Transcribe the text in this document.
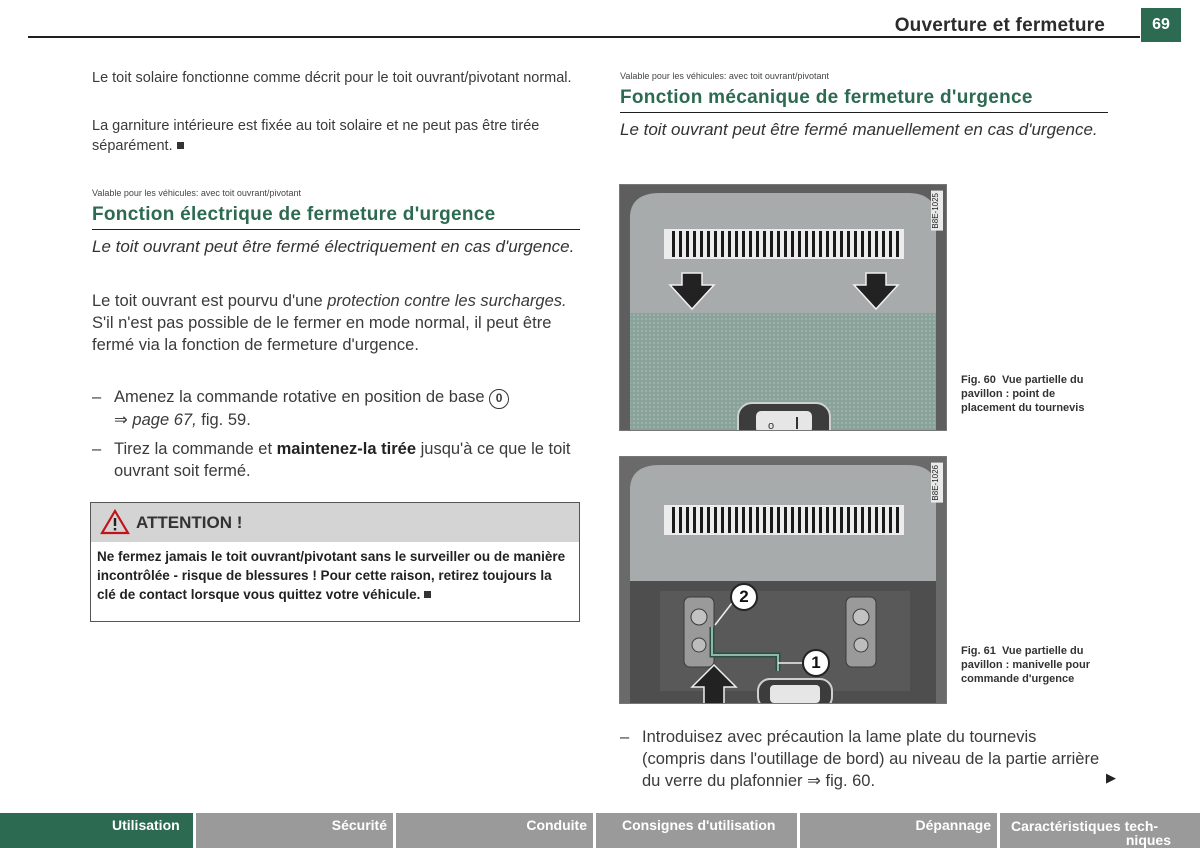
Ouverture et fermeture	69
Le toit solaire fonctionne comme décrit pour le toit ouvrant/pivotant normal.
La garniture intérieure est fixée au toit solaire et ne peut pas être tirée séparément.
Valable pour les véhicules: avec toit ouvrant/pivotant
Fonction électrique de fermeture d'urgence
Le toit ouvrant peut être fermé électriquement en cas d'urgence.
Le toit ouvrant est pourvu d'une protection contre les surcharges. S'il n'est pas possible de le fermer en mode normal, il peut être fermé via la fonction de fermeture d'urgence.
– Amenez la commande rotative en position de base 0
⇒ page 67, fig. 59.
– Tirez la commande et maintenez-la tirée jusqu'à ce que le toit ouvrant soit fermé.
ATTENTION !
Ne fermez jamais le toit ouvrant/pivotant sans le surveiller ou de manière incontrôlée - risque de blessures ! Pour cette raison, retirez toujours la clé de contact lorsque vous quittez votre véhicule.
Valable pour les véhicules: avec toit ouvrant/pivotant
Fonction mécanique de fermeture d'urgence
Le toit ouvrant peut être fermé manuellement en cas d'urgence.
o
B8E-1025
Fig. 60 Vue partielle du pavillon : point de placement du tournevis
B8E-1026
2
1
Fig. 61 Vue partielle du pavillon : manivelle pour commande d'urgence
– Introduisez avec précaution la lame plate du tournevis (compris dans l'outillage de bord) au niveau de la partie arrière du verre du plafonnier ⇒ fig. 60.	▶
Utilisation	Sécurité	Conduite	Consignes d'utilisation	Dépannage	Caractéristiques tech-
niques
